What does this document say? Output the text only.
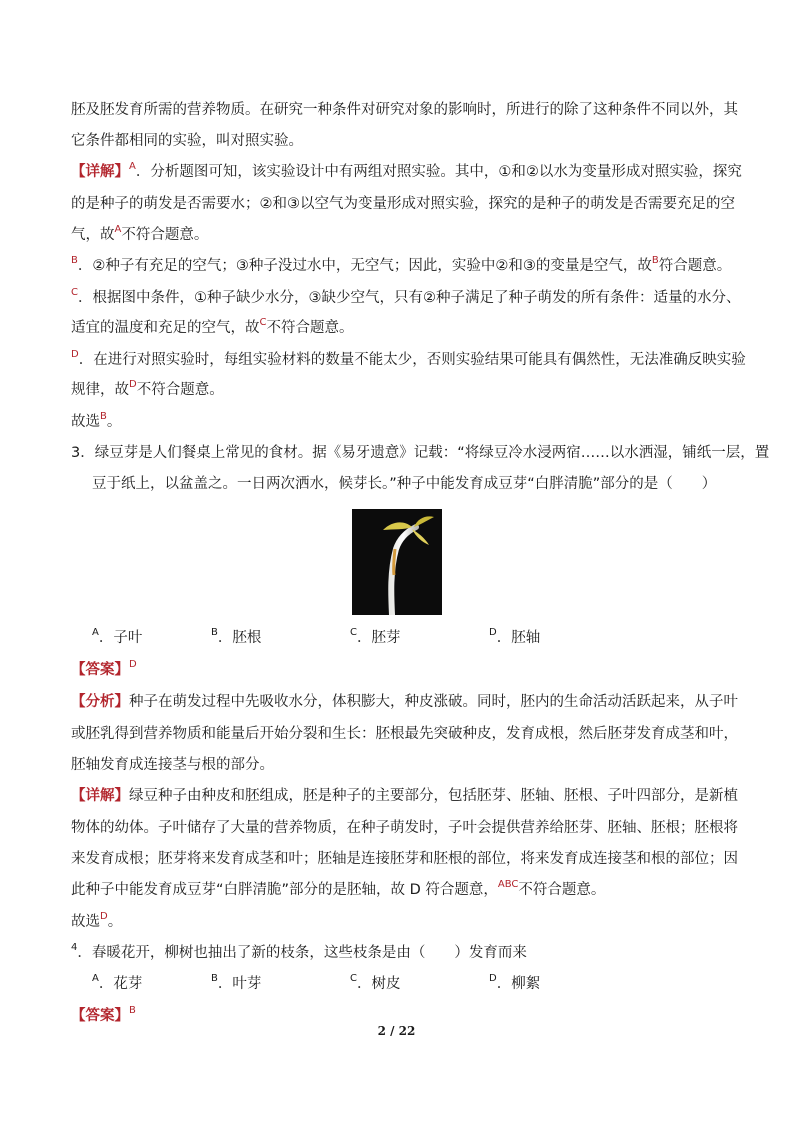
胚及胚发育所需的营养物质。在研究一种条件对研究对象的影响时，所进行的除了这种条件不同以外，其
它条件都相同的实验，叫对照实验。
【详解】$^A$．分析题图可知，该实验设计中有两组对照实验。其中，①和②以水为变量形成对照实验，探究
的是种子的萌发是否需要水；②和③以空气为变量形成对照实验，探究的是种子的萌发是否需要充足的空
气，故$^A$不符合题意。
$^B$．②种子有充足的空气；③种子没过水中，无空气；因此，实验中②和③的变量是空气，故$^B$符合题意。
$^C$．根据图中条件，①种子缺少水分，③缺少空气，只有②种子满足了种子萌发的所有条件：适量的水分、
适宜的温度和充足的空气，故$^C$不符合题意。
$^D$．在进行对照实验时，每组实验材料的数量不能太少，否则实验结果可能具有偶然性，无法准确反映实验
规律，故$^D$不符合题意。
故选$^B$。
3．绿豆芽是人们餐桌上常见的食材。据《易牙遗意》记载：“将绿豆冷水浸两宿……以水洒湿，铺纸一层，置
豆于纸上，以盆盖之。一日两次洒水，候芽长。”种子中能发育成豆芽“白胖清脆”部分的是（　　）
$^A$．子叶	$^B$．胚根	$^C$．胚芽	$^D$．胚轴
【答案】$^D$
【分析】种子在萌发过程中先吸收水分，体积膨大，种皮涨破。同时，胚内的生命活动活跃起来，从子叶
或胚乳得到营养物质和能量后开始分裂和生长：胚根最先突破种皮，发育成根，然后胚芽发育成茎和叶，
胚轴发育成连接茎与根的部分。
【详解】绿豆种子由种皮和胚组成，胚是种子的主要部分，包括胚芽、胚轴、胚根、子叶四部分，是新植
物体的幼体。子叶储存了大量的营养物质，在种子萌发时，子叶会提供营养给胚芽、胚轴、胚根；胚根将
来发育成根；胚芽将来发育成茎和叶；胚轴是连接胚芽和胚根的部位，将来发育成连接茎和根的部位；因
此种子中能发育成豆芽“白胖清脆”部分的是胚轴，故 D 符合题意，$^{ABC}$不符合题意。
故选$^D$。
$^4$．春暖花开，柳树也抽出了新的枝条，这些枝条是由（　　）发育而来
$^A$．花芽	$^B$．叶芽	$^C$．树皮	$^D$．柳絮
【答案】$^B$
2 / 22
